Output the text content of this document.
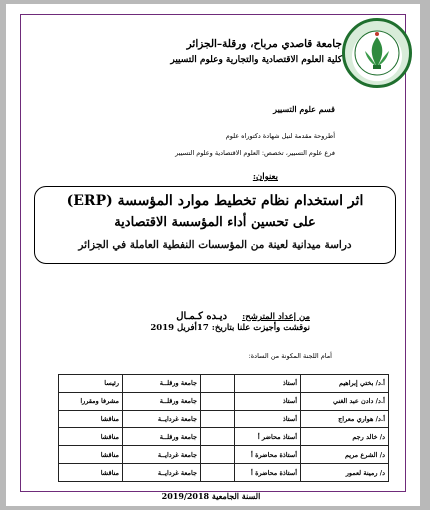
جامعة قاصدي مرباح، ورقلة–الجزائر
كلية العلوم الاقتصادية والتجارية وعلوم التسيير
قسم علوم التسيير
أطروحة مقدمة لنيل شهادة دكتوراه علوم
فرع علوم التسيير، تخصص: العلوم الاقتصادية وعلوم التسيير
بعنوان:
اثر استخدام نظام تخطيط موارد المؤسسة (ERP)
على تحسين أداء المؤسسة الاقتصادية
دراسة ميدانية لعينة من المؤسسات النفطية العاملة في الجزائر
من إعداد المترشح: ديـده كـمـال
نوقشت وأجيزت علنا بتاريخ: 17أفريل 2019
أمام اللجنة المكونة من السادة:
أ.د/ بختي إبراهيم	أستاذ		جامعة ورقلــة	رئيسا
أ.د/ دادن عبد الغني	أستاذ		جامعة ورقلــة	مشرفا ومقررا
أ.د/ هواري معراج	أستاذ		جامعة غردايــة	مناقشا
د/ خالد رجم	أستاذ محاضر أ		جامعة ورقلــة	مناقشا
د/ الشرع مريم	أستاذة محاضرة أ		جامعة غردايــة	مناقشا
د/ رمينة لعمور	أستاذة محاضرة أ		جامعة غردايــة	مناقشا
السنة الجامعية 2019/2018
